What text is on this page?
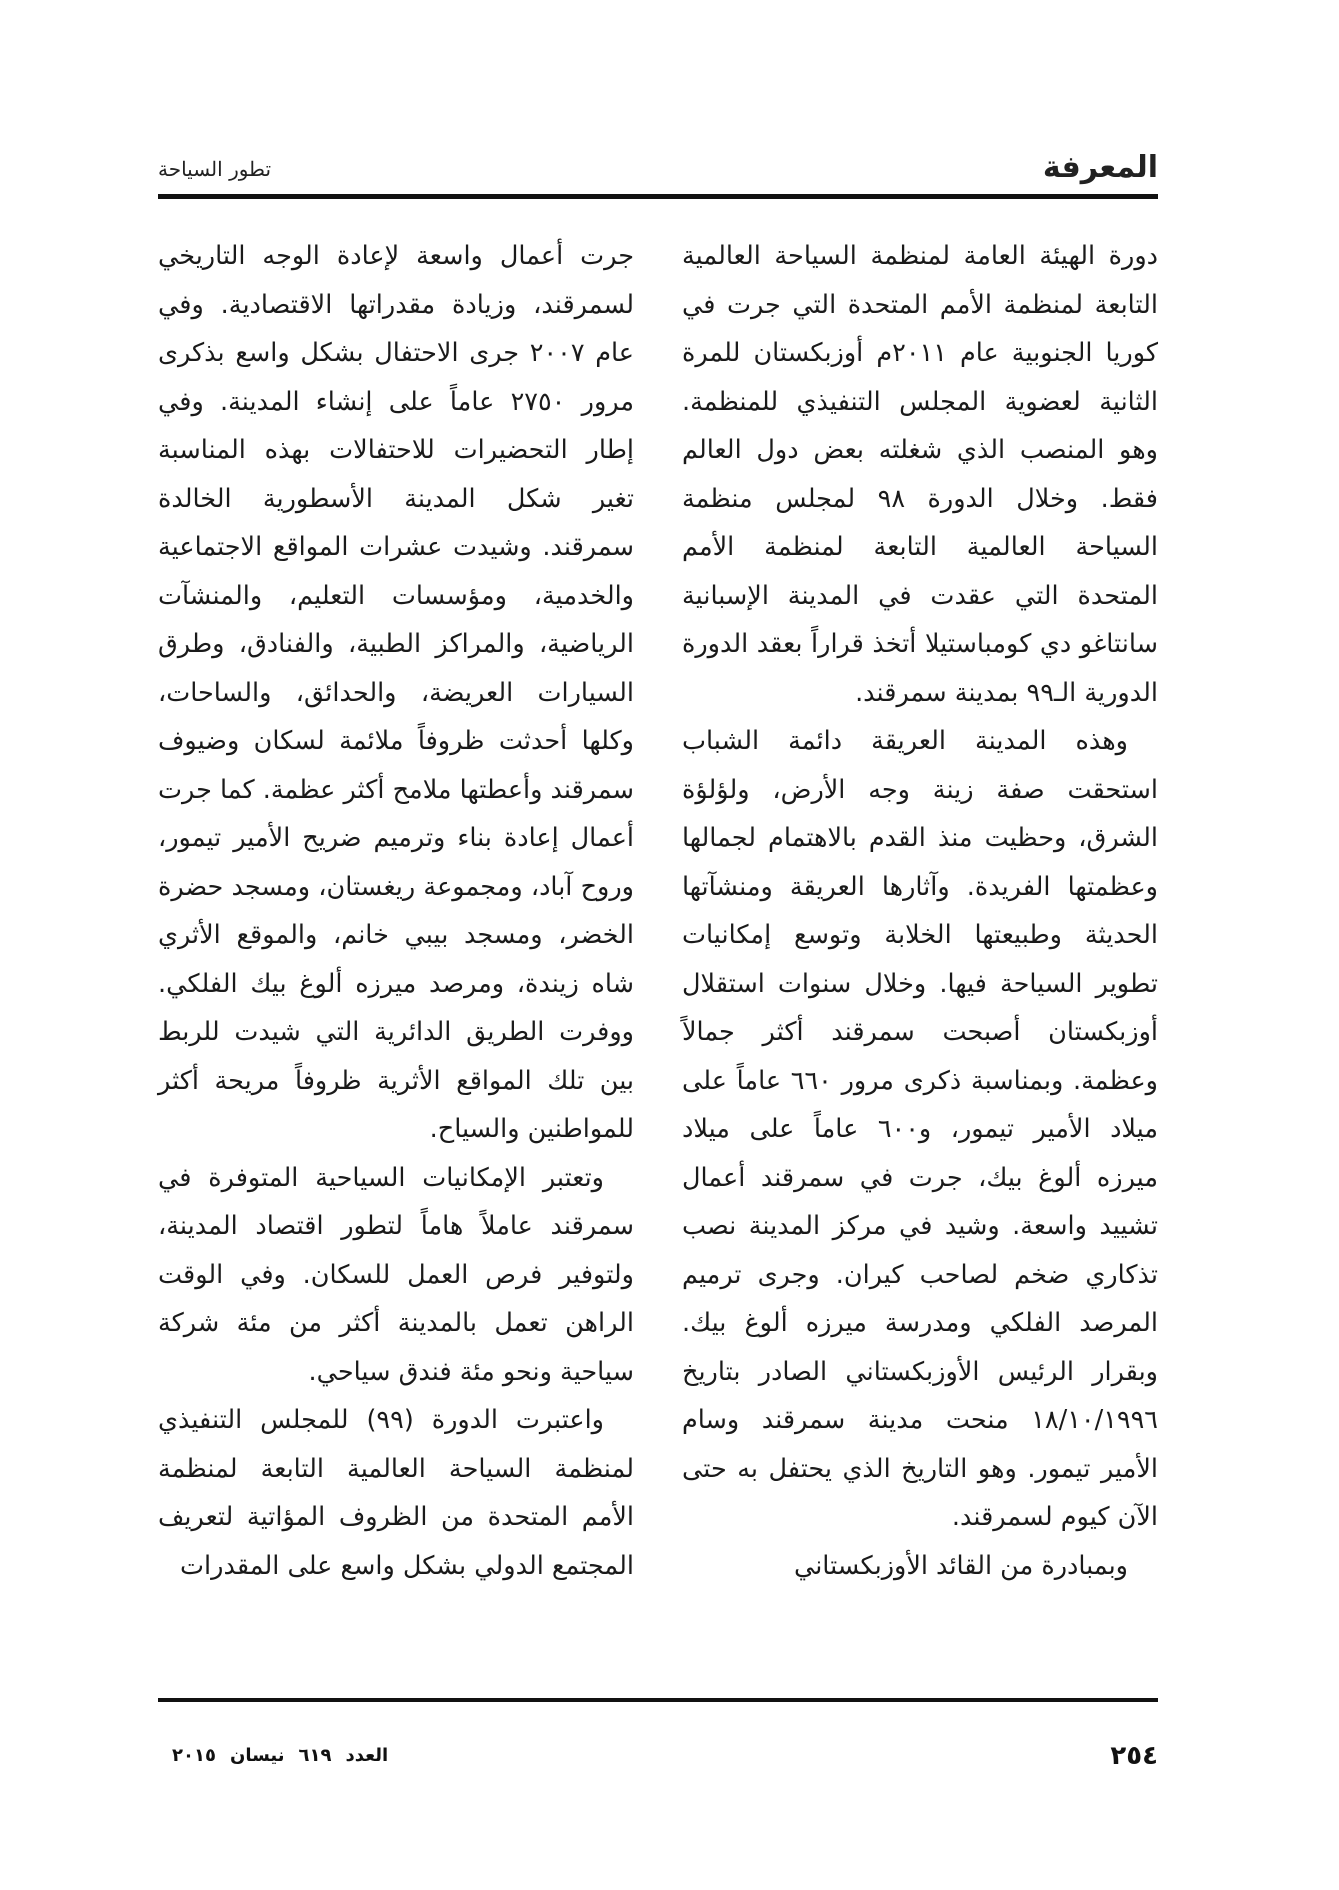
المعرفة
تطور السياحة

دورة الهيئة العامة لمنظمة السياحة العالمية التابعة لمنظمة الأمم المتحدة التي جرت في كوريا الجنوبية عام ٢٠١١م أوزبكستان للمرة الثانية لعضوية المجلس التنفيذي للمنظمة. وهو المنصب الذي شغلته بعض دول العالم فقط. وخلال الدورة ٩٨ لمجلس منظمة السياحة العالمية التابعة لمنظمة الأمم المتحدة التي عقدت في المدينة الإسبانية سانتاغو دي كومباستيلا أتخذ قراراً بعقد الدورة الدورية الـ٩٩ بمدينة سمرقند.

وهذه المدينة العريقة دائمة الشباب استحقت صفة زينة وجه الأرض، ولؤلؤة الشرق، وحظيت منذ القدم بالاهتمام لجمالها وعظمتها الفريدة. وآثارها العريقة ومنشآتها الحديثة وطبيعتها الخلابة وتوسع إمكانيات تطوير السياحة فيها. وخلال سنوات استقلال أوزبكستان أصبحت سمرقند أكثر جمالاً وعظمة. وبمناسبة ذكرى مرور ٦٦٠ عاماً على ميلاد الأمير تيمور، و٦٠٠ عاماً على ميلاد ميرزه ألوغ بيك، جرت في سمرقند أعمال تشييد واسعة. وشيد في مركز المدينة نصب تذكاري ضخم لصاحب كيران. وجرى ترميم المرصد الفلكي ومدرسة ميرزه ألوغ بيك. وبقرار الرئيس الأوزبكستاني الصادر بتاريخ ١٨/١٠/١٩٩٦ منحت مدينة سمرقند وسام الأمير تيمور. وهو التاريخ الذي يحتفل به حتى الآن كيوم لسمرقند.

وبمبادرة من القائد الأوزبكستاني

جرت أعمال واسعة لإعادة الوجه التاريخي لسمرقند، وزيادة مقدراتها الاقتصادية. وفي عام ٢٠٠٧ جرى الاحتفال بشكل واسع بذكرى مرور ٢٧٥٠ عاماً على إنشاء المدينة. وفي إطار التحضيرات للاحتفالات بهذه المناسبة تغير شكل المدينة الأسطورية الخالدة سمرقند. وشيدت عشرات المواقع الاجتماعية والخدمية، ومؤسسات التعليم، والمنشآت الرياضية، والمراكز الطبية، والفنادق، وطرق السيارات العريضة، والحدائق، والساحات، وكلها أحدثت ظروفاً ملائمة لسكان وضيوف سمرقند وأعطتها ملامح أكثر عظمة. كما جرت أعمال إعادة بناء وترميم ضريح الأمير تيمور، وروح آباد، ومجموعة ريغستان، ومسجد حضرة الخضر، ومسجد بيبي خانم، والموقع الأثري شاه زيندة، ومرصد ميرزه ألوغ بيك الفلكي. ووفرت الطريق الدائرية التي شيدت للربط بين تلك المواقع الأثرية ظروفاً مريحة أكثر للمواطنين والسياح.

وتعتبر الإمكانيات السياحية المتوفرة في سمرقند عاملاً هاماً لتطور اقتصاد المدينة، ولتوفير فرص العمل للسكان. وفي الوقت الراهن تعمل بالمدينة أكثر من مئة شركة سياحية ونحو مئة فندق سياحي.

واعتبرت الدورة (٩٩) للمجلس التنفيذي لمنظمة السياحة العالمية التابعة لمنظمة الأمم المتحدة من الظروف المؤاتية لتعريف المجتمع الدولي بشكل واسع على المقدرات

٢٥٤
العدد٦١٩نيسان٢٠١٥
